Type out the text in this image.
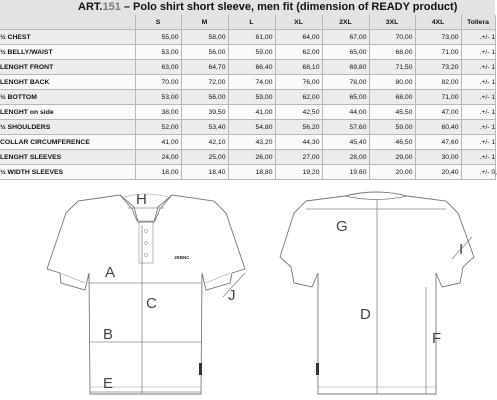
ART.151 – Polo shirt short sleeve, men fit (dimension of READY product)
	S	M	L	XL	2XL	3XL	4XL	Tollera
½ CHEST	55,00	58,00	61,00	64,00	67,00	70,00	73,00	.+/- 1
½ BELLY/WAIST	53,00	56,00	59,00	62,00	65,00	68,00	71,00	.+/- 1
LENGHT FRONT	63,00	64,70	66,40	68,10	69,80	71,50	73,20	.+/- 1
LENGHT BACK	70,00	72,00	74,00	76,00	78,00	80,00	82,00	.+/- 1
½ BOTTOM	53,00	56,00	59,00	62,00	65,00	68,00	71,00	.+/- 1
LENGHT on side	38,00	39,50	41,00	42,50	44,00	45,50	47,00	.+/- 1
½ SHOULDERS	52,00	53,40	54,80	56,20	57,60	59,00	60,40	.+/- 1
COLLAR CIRCUMFERENCE	41,00	42,10	43,20	44,30	45,40	46,50	47,60	.+/- 1
LENGHT SLEEVES	24,00	25,00	26,00	27,00	28,00	29,00	30,00	.+/- 1
½ WIDTH SLEEVES	18,00	18,40	18,80	19,20	19,60	20,00	20,40	.+/- 0,
JRBNC
A
B
C
D
E
F
G
H
I
J
